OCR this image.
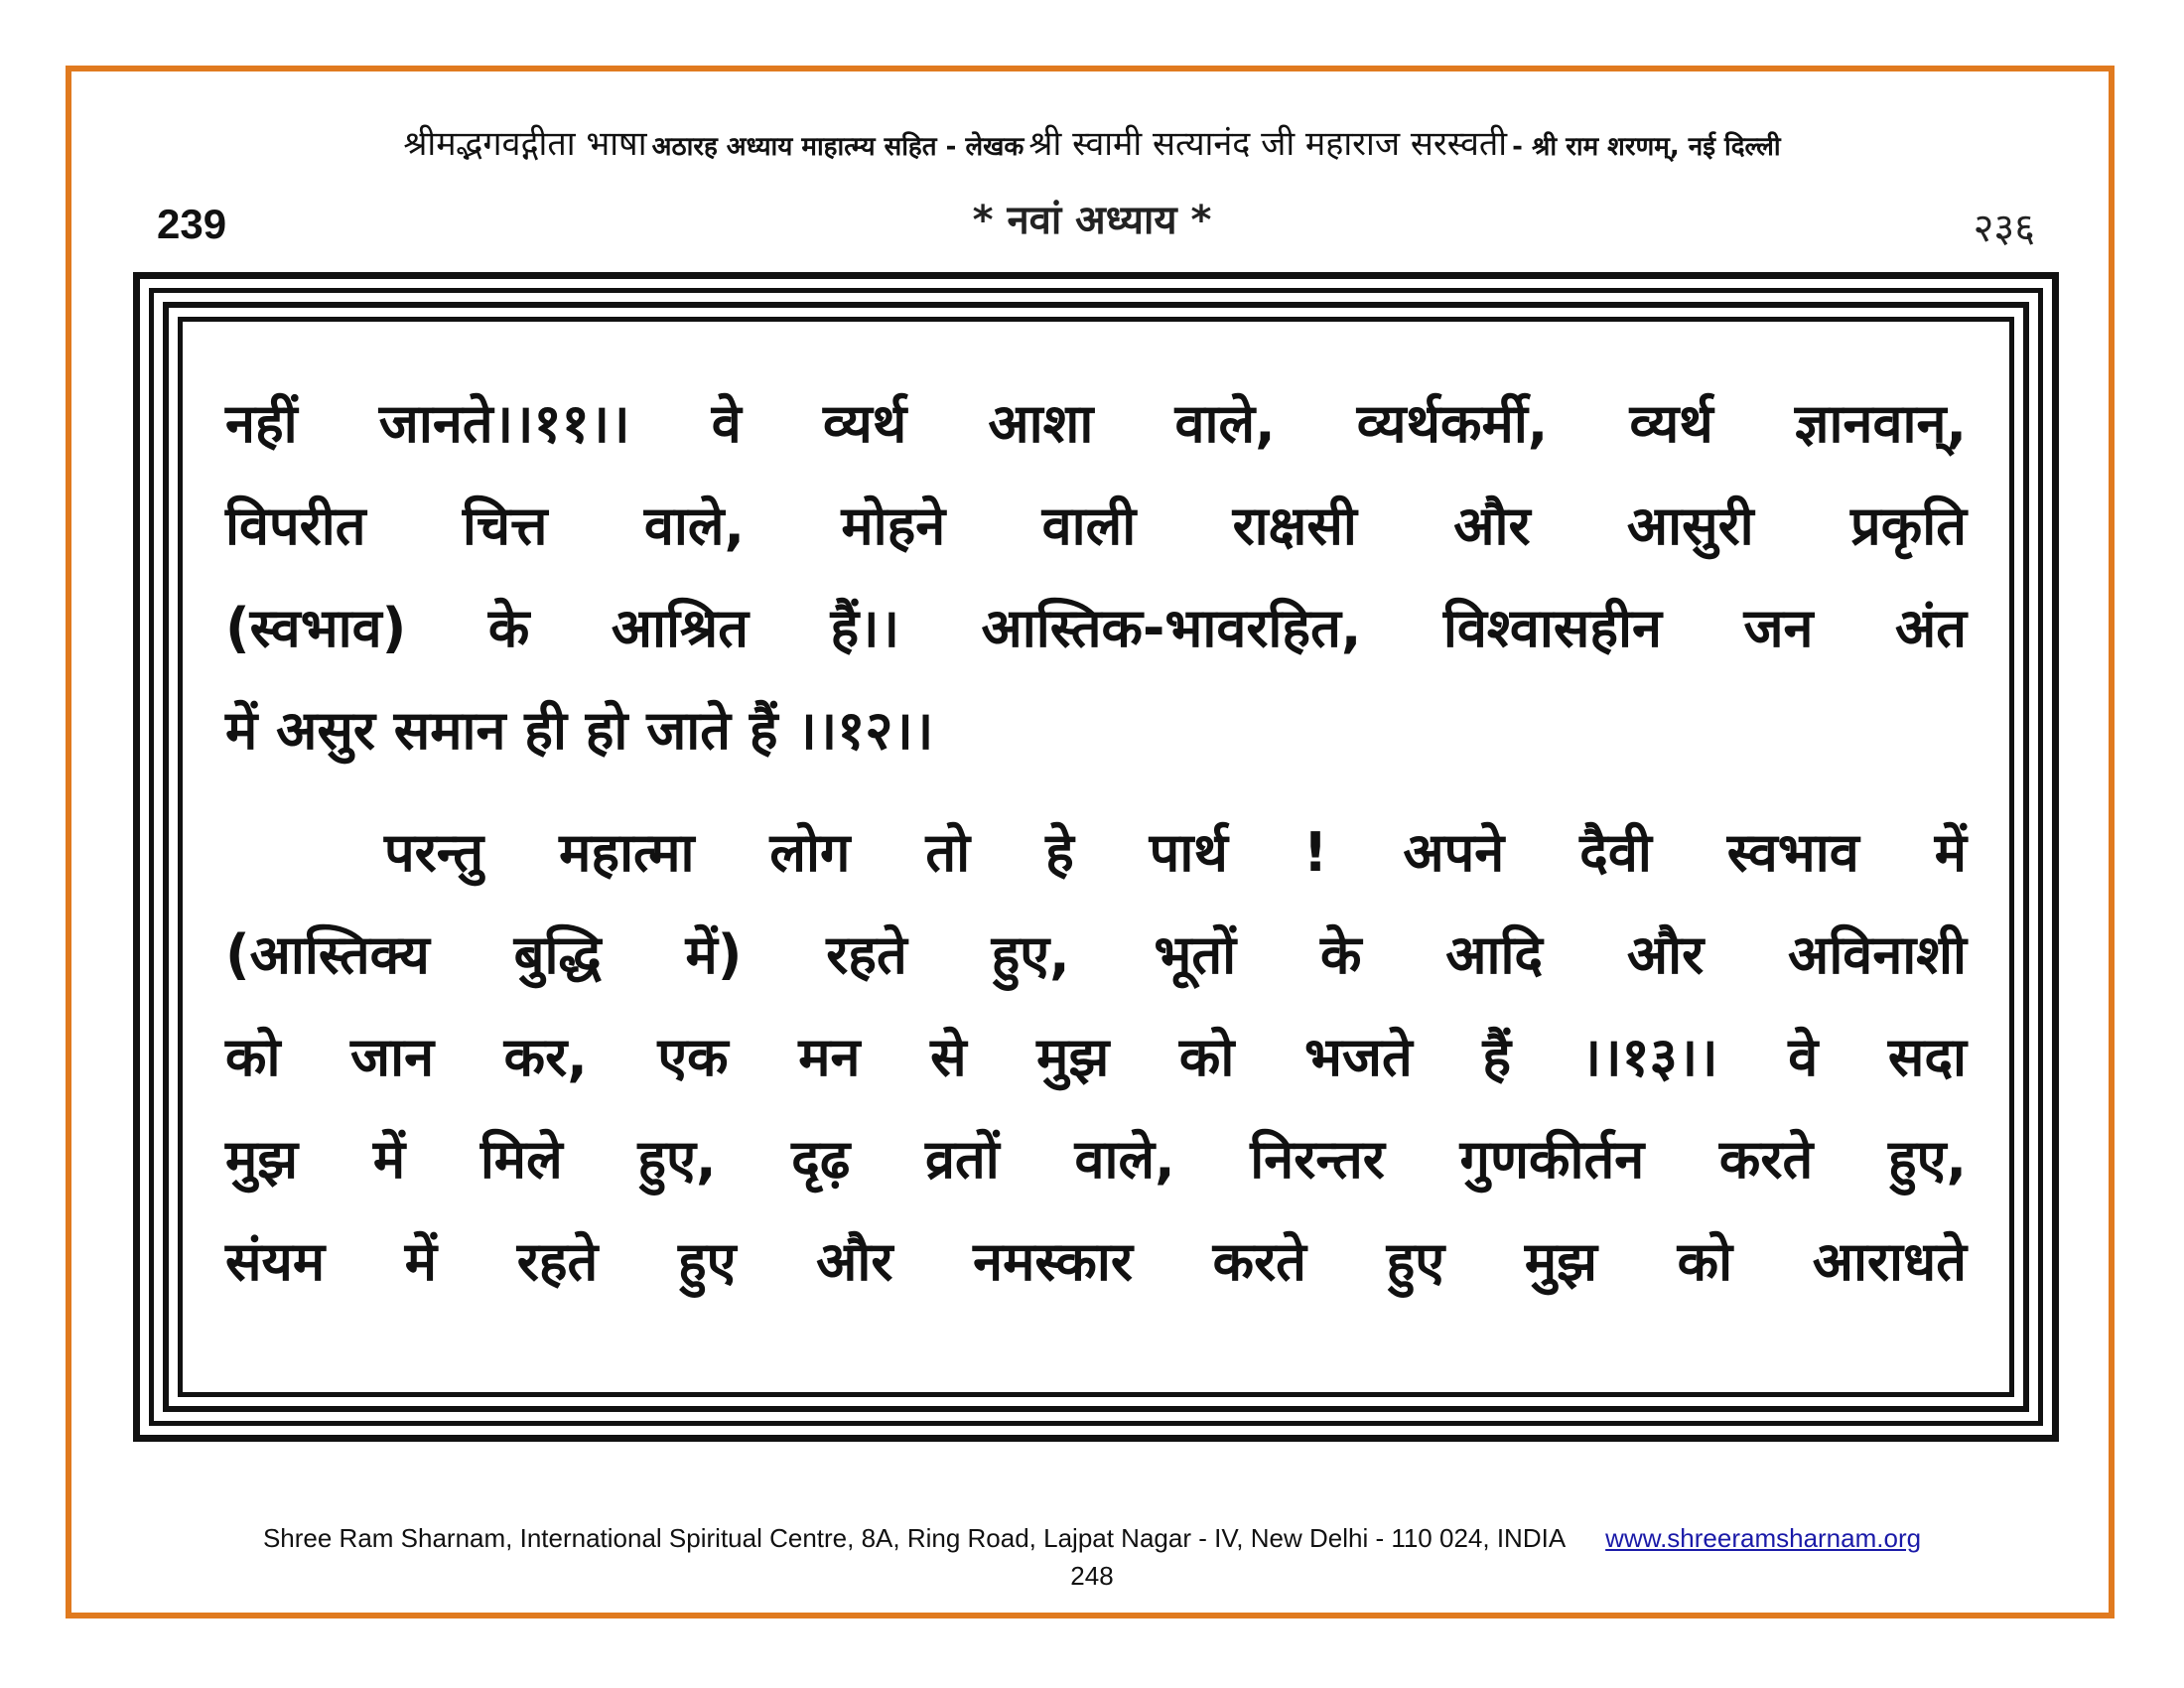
श्रीमद्भगवद्गीता भाषा अठारह अध्याय माहात्म्य सहित - लेखक श्री स्वामी सत्यानंद जी महाराज सरस्वती - श्री राम शरणम्, नई दिल्ली
239	* नवां अध्याय *	२३६
नहीं जानते।।११।। वे व्यर्थ आशा वाले, व्यर्थकर्मी, व्यर्थ ज्ञानवान्,
विपरीत चित्त वाले, मोहने वाली राक्षसी और आसुरी प्रकृति
(स्वभाव) के आश्रित हैं।। आस्तिक-भावरहित, विश्वासहीन जन अंत
में असुर समान ही हो जाते हैं ।।१२।।
परन्तु महात्मा लोग तो हे पार्थ ! अपने दैवी स्वभाव में
(आस्तिक्य बुद्धि में) रहते हुए, भूतों के आदि और अविनाशी
को जान कर, एक मन से मुझ को भजते हैं ।।१३।। वे सदा
मुझ में मिले हुए, दृढ़ व्रतों वाले, निरन्तर गुणकीर्तन करते हुए,
संयम में रहते हुए और नमस्कार करते हुए मुझ को आराधते
Shree Ram Sharnam, International Spiritual Centre, 8A, Ring Road, Lajpat Nagar - IV, New Delhi - 110 024, INDIA www.shreeramsharnam.org
248
